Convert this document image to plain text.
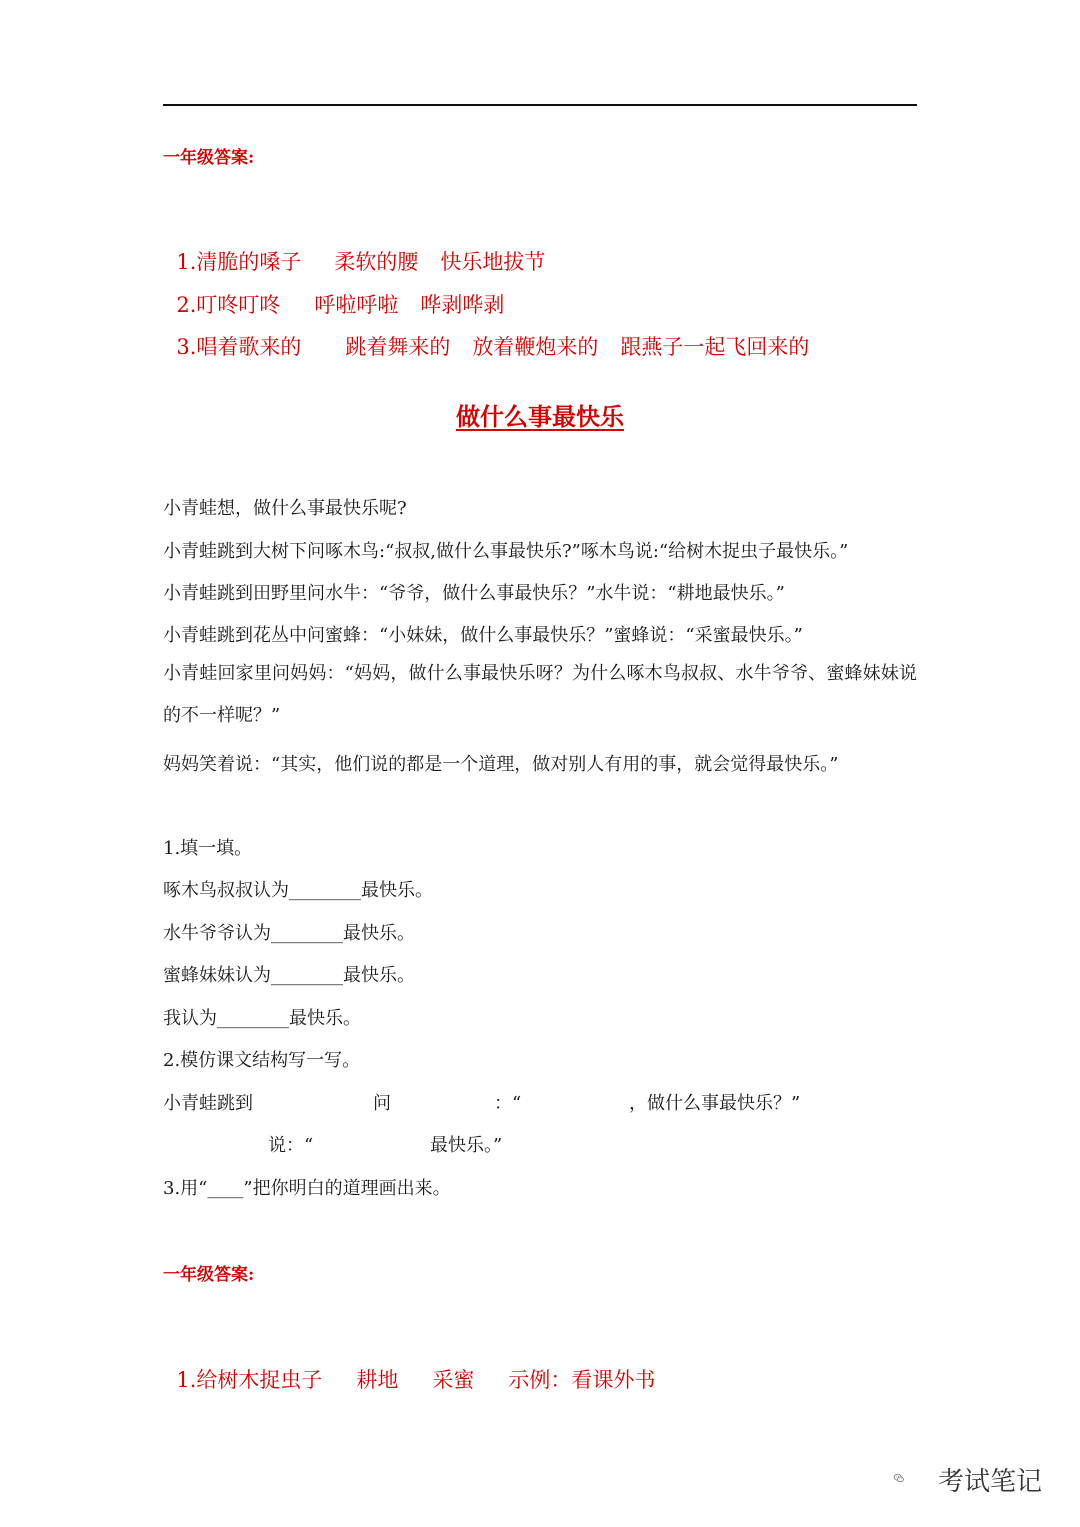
一年级答案:

1.清脆的嗓子 柔软的腰 快乐地拔节

2.叮咚叮咚 呼啦呼啦 哗剥哗剥

3.唱着歌来的 跳着舞来的 放着鞭炮来的 跟燕子一起飞回来的

做什么事最快乐
小青蛙想，做什么事最快乐呢?
小青蛙跳到大树下问啄木鸟:“叔叔,做什么事最快乐?”啄木鸟说:“给树木捉虫子最快乐。”
小青蛙跳到田野里问水牛：“爷爷，做什么事最快乐？”水牛说：“耕地最快乐。”
小青蛙跳到花丛中问蜜蜂：“小妹妹，做什么事最快乐？”蜜蜂说：“采蜜最快乐。”
小青蛙回家里问妈妈：“妈妈，做什么事最快乐呀？为什么啄木鸟叔叔、水牛爷爷、蜜蜂妹妹说的不一样呢？”
妈妈笑着说：“其实，他们说的都是一个道理，做对别人有用的事，就会觉得最快乐。”
1.填一填。
啄木鸟叔叔认为________最快乐。
水牛爷爷认为________最快乐。
蜜蜂妹妹认为________最快乐。
我认为________最快乐。
2.模仿课文结构写一写。
小青蛙跳到	问	：“	，做什么事最快乐？”
说：“	最快乐。”
3.用“____”把你明白的道理画出来。
一年级答案:

1.给树木捉虫子 耕地 采蜜 示例：看课外书

考试笔记
